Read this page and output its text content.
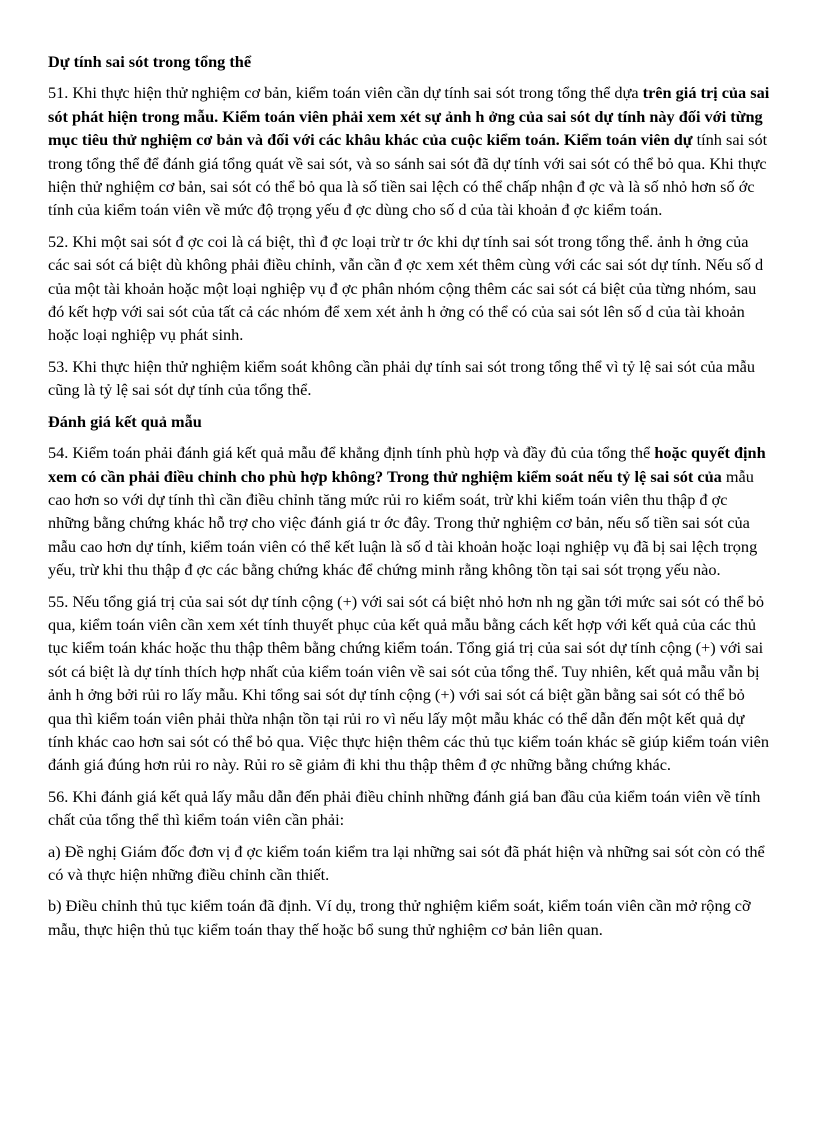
Dự tính sai sót trong tổng thể

51. Khi thực hiện thử nghiệm cơ bản, kiểm toán viên cần dự tính sai sót trong tổng thể dựa trên giá trị của sai sót phát hiện trong mẫu. Kiểm toán viên phải xem xét sự ảnh h ởng của sai sót dự tính này đối với từng mục tiêu thử nghiệm cơ bản và đối với các khâu khác của cuộc kiểm toán. Kiểm toán viên dự tính sai sót trong tổng thể để đánh giá tổng quát về sai sót, và so sánh sai sót đã dự tính với sai sót có thể bỏ qua. Khi thực hiện thử nghiệm cơ bản, sai sót có thể bỏ qua là số tiền sai lệch có thể chấp nhận đ ợc và là số nhỏ hơn số ớc tính của kiểm toán viên về mức độ trọng yếu đ ợc dùng cho số d của tài khoản đ ợc kiểm toán.

52. Khi một sai sót đ ợc coi là cá biệt, thì đ ợc loại trừ tr ớc khi dự tính sai sót trong tổng thể. ảnh h ởng của các sai sót cá biệt dù không phải điều chỉnh, vẫn cần đ ợc xem xét thêm cùng với các sai sót dự tính. Nếu số d của một tài khoản hoặc một loại nghiệp vụ đ ợc phân nhóm cộng thêm các sai sót cá biệt của từng nhóm, sau đó kết hợp với sai sót của tất cả các nhóm để xem xét ảnh h ởng có thể có của sai sót lên số d của tài khoản hoặc loại nghiệp vụ phát sinh.

53. Khi thực hiện thử nghiệm kiểm soát không cần phải dự tính sai sót trong tổng thể vì tỷ lệ sai sót của mẫu cũng là tỷ lệ sai sót dự tính của tổng thể.

Đánh giá kết quả mẫu

54. Kiểm toán phải đánh giá kết quả mẫu để khẳng định tính phù hợp và đầy đủ của tổng thể hoặc quyết định xem có cần phải điều chỉnh cho phù hợp không? Trong thử nghiệm kiểm soát nếu tỷ lệ sai sót của mẫu cao hơn so với dự tính thì cần điều chỉnh tăng mức rủi ro kiểm soát, trừ khi kiểm toán viên thu thập đ ợc những bằng chứng khác hỗ trợ cho việc đánh giá tr ớc đây. Trong thử nghiệm cơ bản, nếu số tiền sai sót của mẫu cao hơn dự tính, kiểm toán viên có thể kết luận là số d tài khoản hoặc loại nghiệp vụ đã bị sai lệch trọng yếu, trừ khi thu thập đ ợc các bằng chứng khác để chứng minh rằng không tồn tại sai sót trọng yếu nào.

55. Nếu tổng giá trị của sai sót dự tính cộng (+) với sai sót cá biệt nhỏ hơn nh ng gần tới mức sai sót có thể bỏ qua, kiểm toán viên cần xem xét tính thuyết phục của kết quả mẫu bằng cách kết hợp với kết quả của các thủ tục kiểm toán khác hoặc thu thập thêm bằng chứng kiểm toán. Tổng giá trị của sai sót dự tính cộng (+) với sai sót cá biệt là dự tính thích hợp nhất của kiểm toán viên về sai sót của tổng thể. Tuy nhiên, kết quả mẫu vẫn bị ảnh h ởng bởi rủi ro lấy mẫu. Khi tổng sai sót dự tính cộng (+) với sai sót cá biệt gần bằng sai sót có thể bỏ qua thì kiểm toán viên phải thừa nhận tồn tại rủi ro vì nếu lấy một mẫu khác có thể dẫn đến một kết quả dự tính khác cao hơn sai sót có thể bỏ qua. Việc thực hiện thêm các thủ tục kiểm toán khác sẽ giúp kiểm toán viên đánh giá đúng hơn rủi ro này. Rủi ro sẽ giảm đi khi thu thập thêm đ ợc những bằng chứng khác.

56. Khi đánh giá kết quả lấy mẫu dẫn đến phải điều chỉnh những đánh giá ban đầu của kiểm toán viên về tính chất của tổng thể thì kiểm toán viên cần phải:

a) Đề nghị Giám đốc đơn vị đ ợc kiểm toán kiểm tra lại những sai sót đã phát hiện và những sai sót còn có thể có và thực hiện những điều chỉnh cần thiết.

b) Điều chỉnh thủ tục kiểm toán đã định. Ví dụ, trong thử nghiệm kiểm soát, kiểm toán viên cần mở rộng cỡ mẫu, thực hiện thủ tục kiểm toán thay thế hoặc bổ sung thử nghiệm cơ bản liên quan.
